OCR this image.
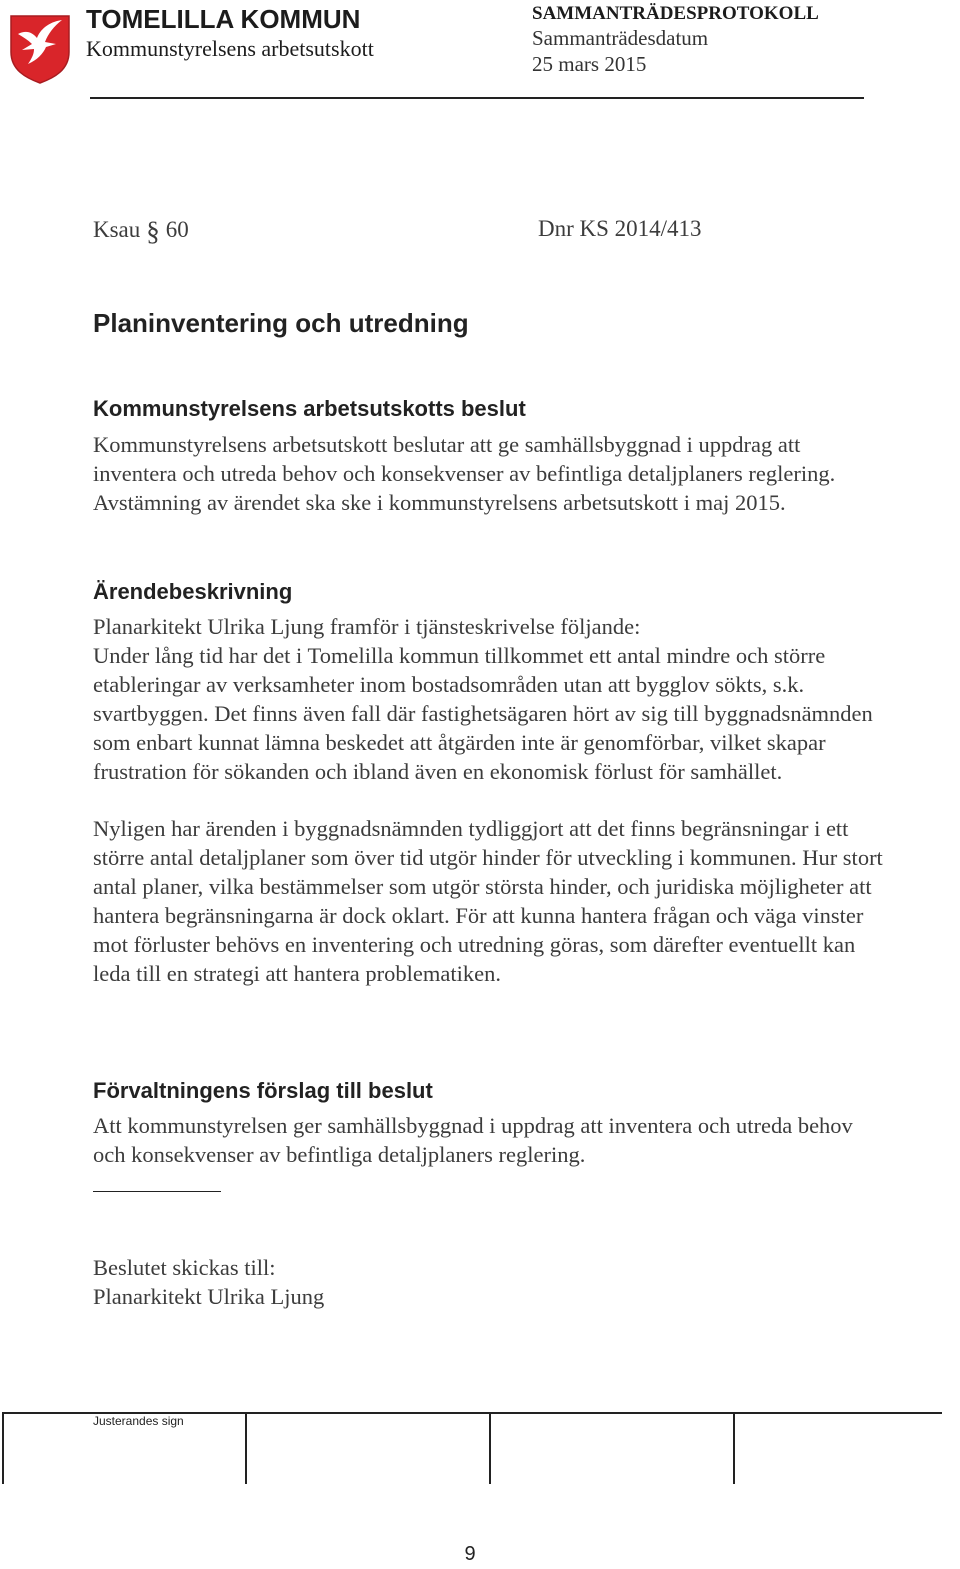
TOMELILLA KOMMUN
Kommunstyrelsens arbetsutskott
SAMMANTRÄDESPROTOKOLL
Sammanträdesdatum
25 mars 2015
Ksau § 60	Dnr KS 2014/413
Planinventering och utredning
Kommunstyrelsens arbetsutskotts beslut

Kommunstyrelsens arbetsutskott beslutar att ge samhällsbyggnad i uppdrag att inventera och utreda behov och konsekvenser av befintliga detaljplaners reglering.

Avstämning av ärendet ska ske i kommunstyrelsens arbetsutskott i maj 2015.

Ärendebeskrivning

Planarkitekt Ulrika Ljung framför i tjänsteskrivelse följande:

Under lång tid har det i Tomelilla kommun tillkommet ett antal mindre och större etableringar av verksamheter inom bostadsområden utan att bygglov sökts, s.k. svartbyggen. Det finns även fall där fastighetsägaren hört av sig till byggnadsnämnden som enbart kunnat lämna beskedet att åtgärden inte är genomförbar, vilket skapar frustration för sökanden och ibland även en ekonomisk förlust för samhället.

Nyligen har ärenden i byggnadsnämnden tydliggjort att det finns begränsningar i ett större antal detaljplaner som över tid utgör hinder för utveckling i kommunen. Hur stort antal planer, vilka bestämmelser som utgör största hinder, och juridiska möjligheter att hantera begränsningarna är dock oklart. För att kunna hantera frågan och väga vinster mot förluster behövs en inventering och utredning göras, som därefter eventuellt kan leda till en strategi att hantera problematiken.

Förvaltningens förslag till beslut

Att kommunstyrelsen ger samhällsbyggnad i uppdrag att inventera och utreda behov och konsekvenser av befintliga detaljplaners reglering.

Beslutet skickas till:
Planarkitekt Ulrika Ljung
Justerandes sign
9
